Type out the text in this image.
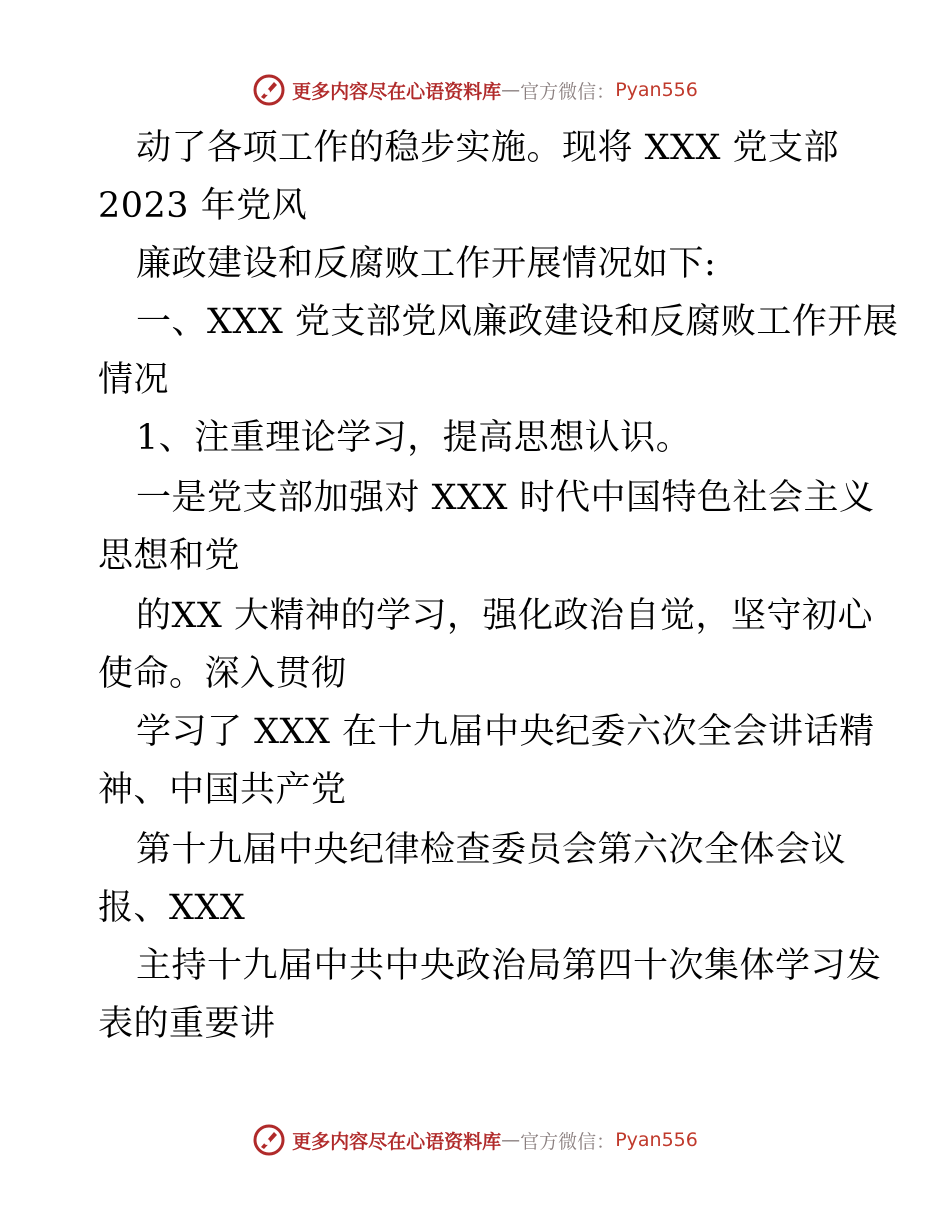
更多内容尽在心语资料库 — 官方微信： Pyan556
动了各项工作的稳步实施。现将 XXX 党支部
2023 年党风
廉政建设和反腐败工作开展情况如下:
一、XXX 党支部党风廉政建设和反腐败工作开展
情况
1、注重理论学习，提高思想认识。
一是党支部加强对 XXX 时代中国特色社会主义
思想和党
的XX 大精神的学习，强化政治自觉，坚守初心
使命。深入贯彻
学习了 XXX 在十九届中央纪委六次全会讲话精
神、中国共产党
第十九届中央纪律检查委员会第六次全体会议
报、XXX
主持十九届中共中央政治局第四十次集体学习发
表的重要讲
更多内容尽在心语资料库 — 官方微信： Pyan556
